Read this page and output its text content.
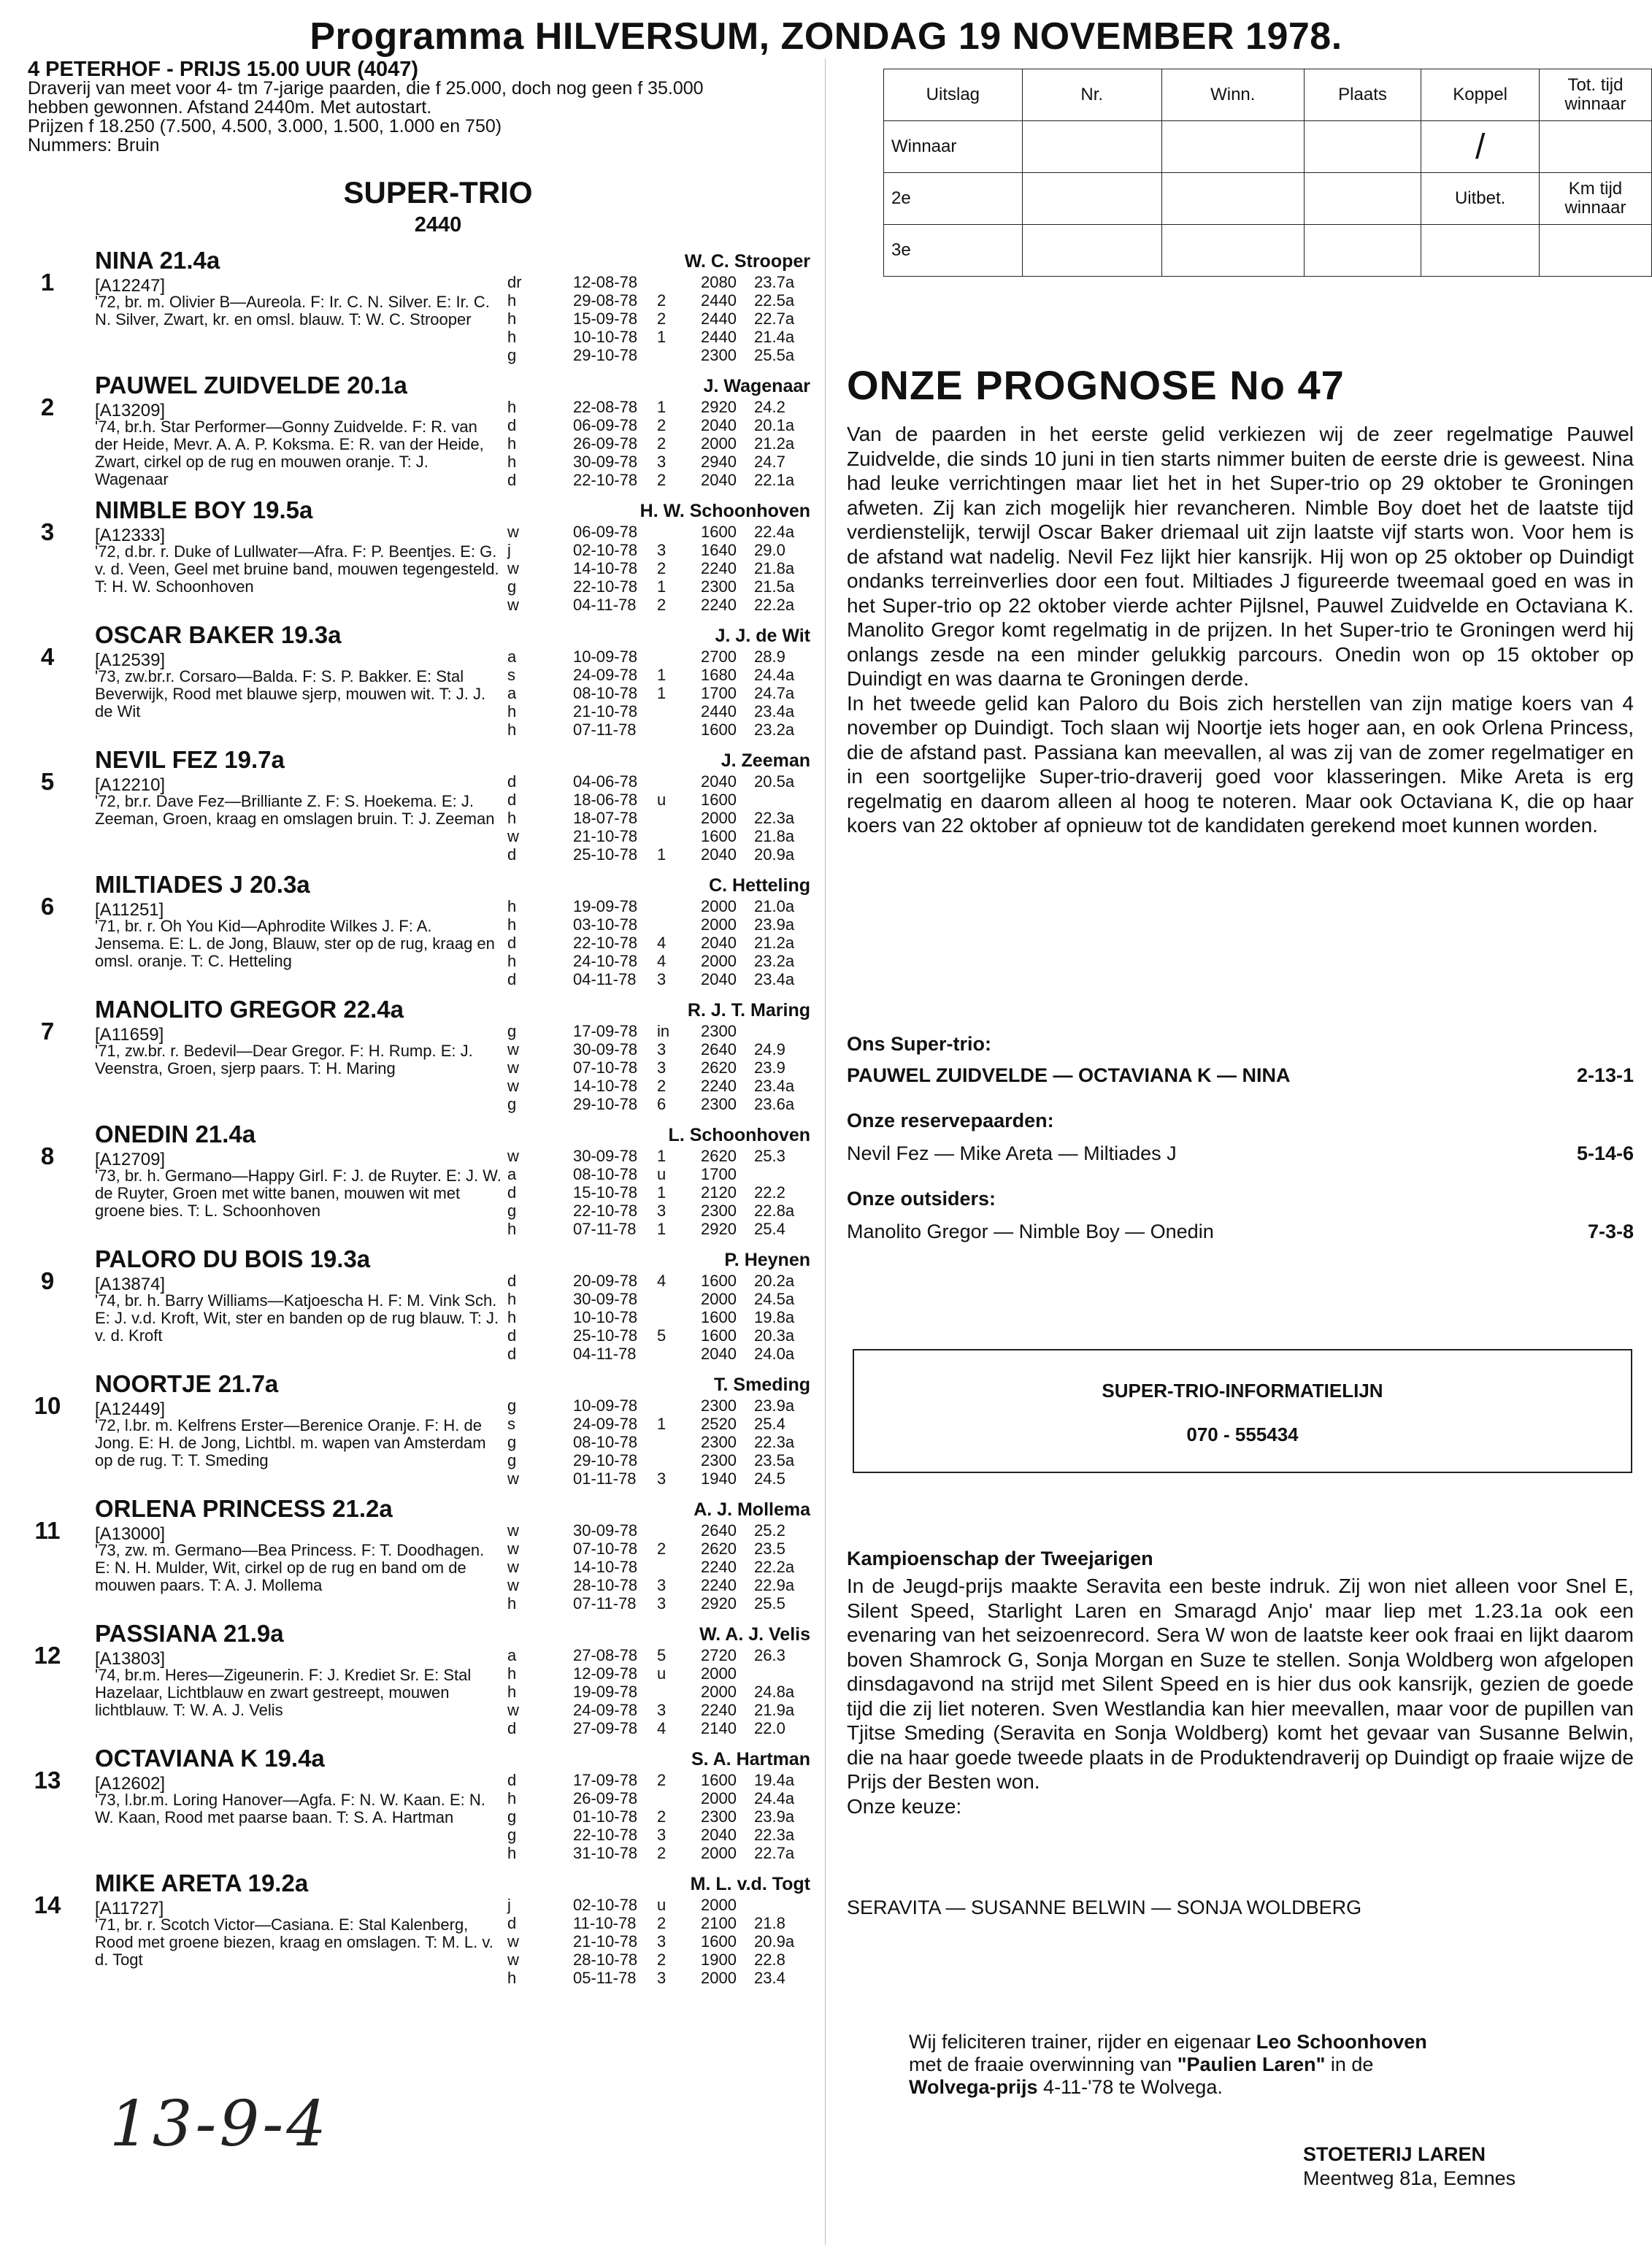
Programma HILVERSUM, ZONDAG 19 NOVEMBER 1978.
4 PETERHOF - PRIJS 15.00 UUR (4047)
Draverij van meet voor 4- tm 7-jarige paarden, die f 25.000, doch nog geen f 35.000
hebben gewonnen. Afstand 2440m. Met autostart.
Prijzen f 18.250 (7.500, 4.500, 3.000, 1.500, 1.000 en 750)
Nummers: Bruin
SUPER-TRIO
2440
1
NINA 21.4a
[A12247]
'72, br. m. Olivier B—Aureola. F: Ir. C. N. Silver. E: Ir. C. N. Silver, Zwart, kr. en omsl. blauw. T: W. C. Strooper
W. C. Strooper
dr	12-08-78	2080 23.7a
h	29-08-78 2 2440 22.5a
h	15-09-78 2 2440 22.7a
h	10-10-78 1 2440 21.4a
g	29-10-78	2300 25.5a
2
PAUWEL ZUIDVELDE 20.1a
[A13209]
'74, br.h. Star Performer—Gonny Zuidvelde. F: R. van der Heide, Mevr. A. A. P. Koksma. E: R. van der Heide, Zwart, cirkel op de rug en mouwen oranje. T: J. Wagenaar
J. Wagenaar
h	22-08-78 1 2920 24.2
d	06-09-78 2 2040 20.1a
h	26-09-78 2 2000 21.2a
h	30-09-78 3 2940 24.7
d	22-10-78 2 2040 22.1a
3
NIMBLE BOY 19.5a
[A12333]
'72, d.br. r. Duke of Lullwater—Afra. F: P. Beentjes. E: G. v. d. Veen, Geel met bruine band, mouwen tegengesteld. T: H. W. Schoonhoven
H. W. Schoonhoven
w	06-09-78	1600 22.4a
j	02-10-78 3 1640 29.0
w	14-10-78 2 2240 21.8a
g	22-10-78 1 2300 21.5a
w	04-11-78 2 2240 22.2a
4
OSCAR BAKER 19.3a
[A12539]
'73, zw.br.r. Corsaro—Balda. F: S. P. Bakker. E: Stal Beverwijk, Rood met blauwe sjerp, mouwen wit. T: J. J. de Wit
J. J. de Wit
a	10-09-78	2700 28.9
s	24-09-78 1 1680 24.4a
a	08-10-78 1 1700 24.7a
h	21-10-78	2440 23.4a
h	07-11-78	1600 23.2a
5
NEVIL FEZ 19.7a
[A12210]
'72, br.r. Dave Fez—Brilliante Z. F: S. Hoekema. E: J. Zeeman, Groen, kraag en omslagen bruin. T: J. Zeeman
J. Zeeman
d	04-06-78	2040 20.5a
d	18-06-78 u 1600
h	18-07-78	2000 22.3a
w	21-10-78	1600 21.8a
d	25-10-78 1 2040 20.9a
6
MILTIADES J 20.3a
[A11251]
'71, br. r. Oh You Kid—Aphrodite Wilkes J. F: A. Jensema. E: L. de Jong, Blauw, ster op de rug, kraag en omsl. oranje. T: C. Hetteling
C. Hetteling
h	19-09-78	2000 21.0a
h	03-10-78	2000 23.9a
d	22-10-78 4 2040 21.2a
h	24-10-78 4 2000 23.2a
d	04-11-78 3 2040 23.4a
7
MANOLITO GREGOR 22.4a
[A11659]
'71, zw.br. r. Bedevil—Dear Gregor. F: H. Rump. E: J. Veenstra, Groen, sjerp paars. T: H. Maring
R. J. T. Maring
g	17-09-78 in 2300
w	30-09-78 3 2640 24.9
w	07-10-78 3 2620 23.9
w	14-10-78 2 2240 23.4a
g	29-10-78 6 2300 23.6a
8
ONEDIN 21.4a
[A12709]
'73, br. h. Germano—Happy Girl. F: J. de Ruyter. E: J. W. de Ruyter, Groen met witte banen, mouwen wit met groene bies. T: L. Schoonhoven
L. Schoonhoven
w	30-09-78 1 2620 25.3
a	08-10-78 u 1700
d	15-10-78 1 2120 22.2
g	22-10-78 3 2300 22.8a
h	07-11-78 1 2920 25.4
9
PALORO DU BOIS 19.3a
[A13874]
'74, br. h. Barry Williams—Katjoescha H. F: M. Vink Sch. E: J. v.d. Kroft, Wit, ster en banden op de rug blauw. T: J. v. d. Kroft
P. Heynen
d	20-09-78 4 1600 20.2a
h	30-09-78	2000 24.5a
h	10-10-78	1600 19.8a
d	25-10-78 5 1600 20.3a
d	04-11-78	2040 24.0a
10
NOORTJE 21.7a
[A12449]
'72, l.br. m. Kelfrens Erster—Berenice Oranje. F: H. de Jong. E: H. de Jong, Lichtbl. m. wapen van Amsterdam op de rug. T: T. Smeding
T. Smeding
g	10-09-78	2300 23.9a
s	24-09-78 1 2520 25.4
g	08-10-78	2300 22.3a
g	29-10-78	2300 23.5a
w	01-11-78 3 1940 24.5
11
ORLENA PRINCESS 21.2a
[A13000]
'73, zw. m. Germano—Bea Princess. F: T. Doodhagen. E: N. H. Mulder, Wit, cirkel op de rug en band om de mouwen paars. T: A. J. Mollema
A. J. Mollema
w	30-09-78	2640 25.2
w	07-10-78 2 2620 23.5
w	14-10-78	2240 22.2a
w	28-10-78 3 2240 22.9a
h	07-11-78 3 2920 25.5
12
PASSIANA 21.9a
[A13803]
'74, br.m. Heres—Zigeunerin. F: J. Krediet Sr. E: Stal Hazelaar, Lichtblauw en zwart gestreept, mouwen lichtblauw. T: W. A. J. Velis
W. A. J. Velis
a	27-08-78 5 2720 26.3
h	12-09-78 u 2000
h	19-09-78	2000 24.8a
w	24-09-78 3 2240 21.9a
d	27-09-78 4 2140 22.0
13
OCTAVIANA K 19.4a
[A12602]
'73, l.br.m. Loring Hanover—Agfa. F: N. W. Kaan. E: N. W. Kaan, Rood met paarse baan. T: S. A. Hartman
S. A. Hartman
d	17-09-78 2 1600 19.4a
h	26-09-78	2000 24.4a
g	01-10-78 2 2300 23.9a
g	22-10-78 3 2040 22.3a
h	31-10-78 2 2000 22.7a
14
MIKE ARETA 19.2a
[A11727]
'71, br. r. Scotch Victor—Casiana. E: Stal Kalenberg, Rood met groene biezen, kraag en omslagen. T: M. L. v. d. Togt
M. L. v.d. Togt
j	02-10-78 u 2000
d	11-10-78 2 2100 21.8
w	21-10-78 3 1600 20.9a
w	28-10-78 2 1900 22.8
h	05-11-78 3 2000 23.4
Uitslag	Nr.	Winn.	Plaats	Koppel	Tot. tijd winnaar
Winnaar				/	
2e				Uitbet.	Km tijd winnaar
3e					
ONZE PROGNOSE No 47
Van de paarden in het eerste gelid verkiezen wij de zeer regelmatige Pauwel Zuidvelde, die sinds 10 juni in tien starts nimmer buiten de eerste drie is geweest. Nina had leuke verrichtingen maar liet het in het Super-trio op 29 oktober te Groningen afweten. Zij kan zich mogelijk hier revancheren. Nimble Boy doet het de laatste tijd verdienstelijk, terwijl Oscar Baker driemaal uit zijn laatste vijf starts won. Voor hem is de afstand wat nadelig. Nevil Fez lijkt hier kansrijk. Hij won op 25 oktober op Duindigt ondanks terreinverlies door een fout. Miltiades J figureerde tweemaal goed en was in het Super-trio op 22 oktober vierde achter Pijlsnel, Pauwel Zuidvelde en Octaviana K. Manolito Gregor komt regelmatig in de prijzen. In het Super-trio te Groningen werd hij onlangs zesde na een minder gelukkig parcours. Onedin won op 15 oktober op Duindigt en was daarna te Groningen derde.
In het tweede gelid kan Paloro du Bois zich herstellen van zijn matige koers van 4 november op Duindigt. Toch slaan wij Noortje iets hoger aan, en ook Orlena Princess, die de afstand past. Passiana kan meevallen, al was zij van de zomer regelmatiger en in een soortgelijke Super-trio-draverij goed voor klasseringen. Mike Areta is erg regelmatig en daarom alleen al hoog te noteren. Maar ook Octaviana K, die op haar koers van 22 oktober af opnieuw tot de kandidaten gerekend moet kunnen worden.
Ons Super-trio:
PAUWEL ZUIDVELDE — OCTAVIANA K — NINA	2-13-1
Onze reservepaarden:
Nevil Fez — Mike Areta — Miltiades J	5-14-6
Onze outsiders:
Manolito Gregor — Nimble Boy — Onedin	7-3-8
SUPER-TRIO-INFORMATIELIJN
070 - 555434
Kampioenschap der Tweejarigen
In de Jeugd-prijs maakte Seravita een beste indruk. Zij won niet alleen voor Snel E, Silent Speed, Starlight Laren en Smaragd Anjo' maar liep met 1.23.1a ook een evenaring van het seizoenrecord. Sera W won de laatste keer ook fraai en lijkt daarom boven Shamrock G, Sonja Morgan en Suze te stellen. Sonja Woldberg won afgelopen dinsdagavond na strijd met Silent Speed en is hier dus ook kansrijk, gezien de goede tijd die zij liet noteren. Sven Westlandia kan hier meevallen, maar voor de pupillen van Tjitse Smeding (Seravita en Sonja Woldberg) komt het gevaar van Susanne Belwin, die na haar goede tweede plaats in de Produktendraverij op Duindigt op fraaie wijze de Prijs der Besten won.
Onze keuze:
SERAVITA — SUSANNE BELWIN — SONJA WOLDBERG
Wij feliciteren trainer, rijder en eigenaar Leo Schoonhoven
met de fraaie overwinning van "Paulien Laren" in de
Wolvega-prijs 4-11-'78 te Wolvega.
STOETERIJ LAREN
Meentweg 81a, Eemnes
13-9-4
